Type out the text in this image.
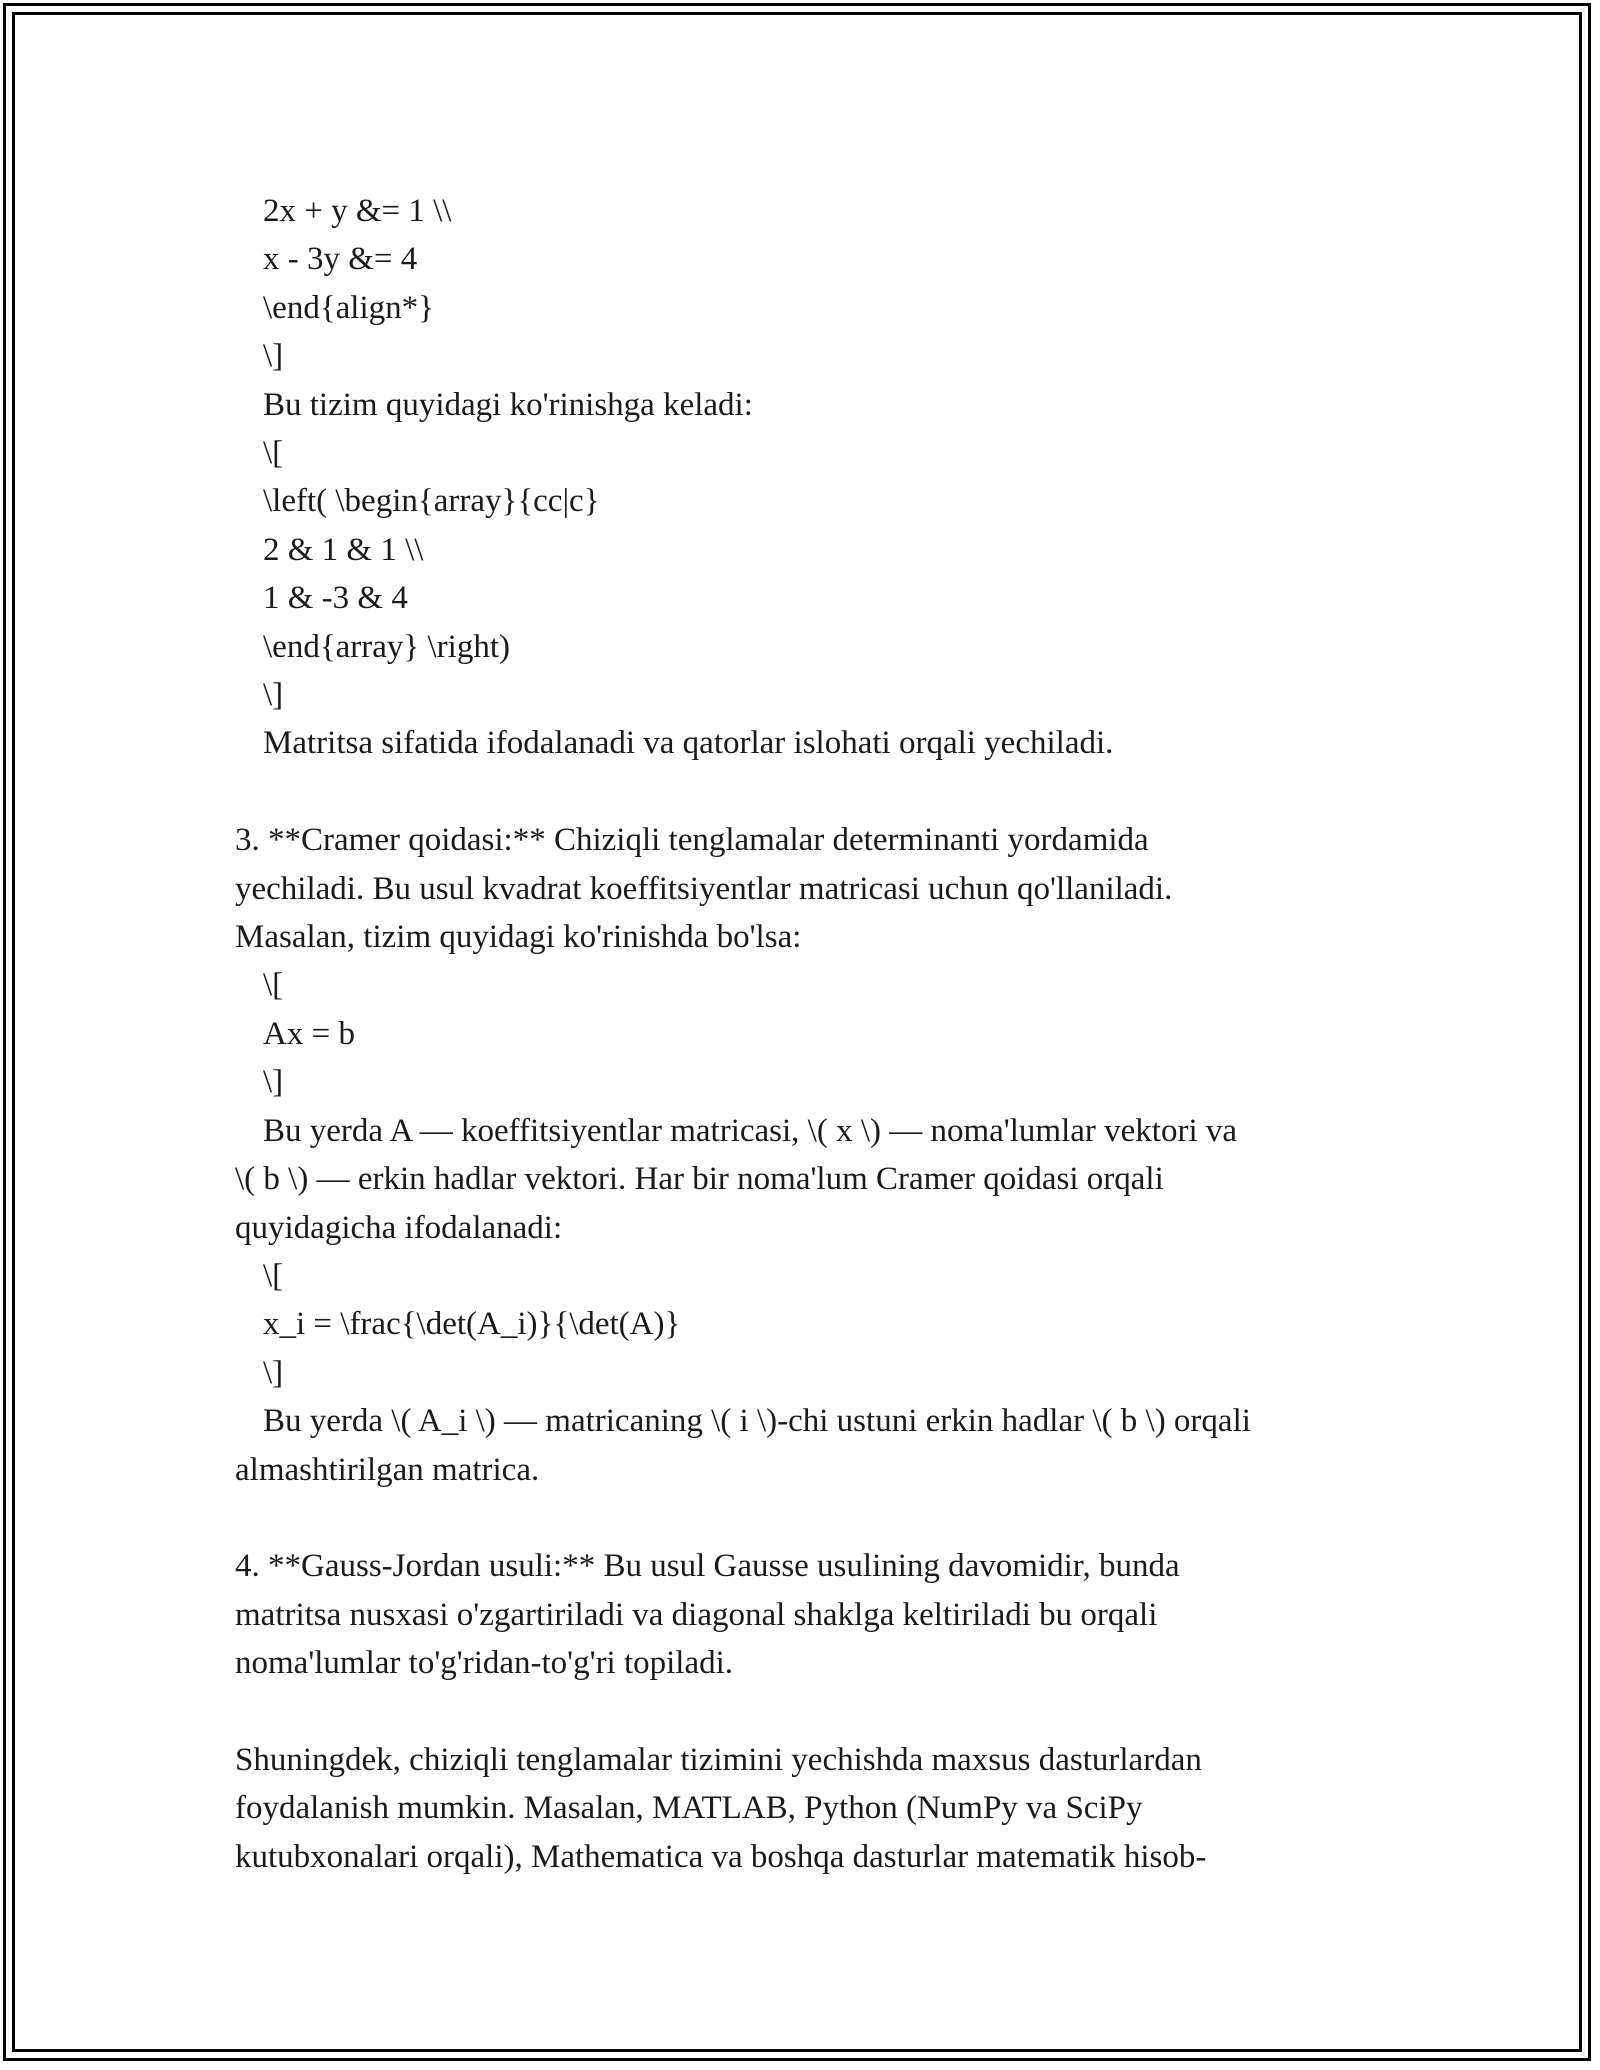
2x + y &= 1 \\
x - 3y &= 4
\end{align*}
\]
Bu tizim quyidagi ko'rinishga keladi:
\[
\left( \begin{array}{cc|c}
2 & 1 & 1 \\
1 & -3 & 4
\end{array} \right)
\]
Matritsa sifatida ifodalanadi va qatorlar islohati orqali yechiladi.
3. **Cramer qoidasi:** Chiziqli tenglamalar determinanti yordamida
yechiladi. Bu usul kvadrat koeffitsiyentlar matricasi uchun qo'llaniladi.
Masalan, tizim quyidagi ko'rinishda bo'lsa:
\[
Ax = b
\]
Bu yerda A — koeffitsiyentlar matricasi, \( x \) — noma'lumlar vektori va
\( b \) — erkin hadlar vektori. Har bir noma'lum Cramer qoidasi orqali
quyidagicha ifodalanadi:
\[
x_i = \frac{\det(A_i)}{\det(A)}
\]
Bu yerda \( A_i \) — matricaning \( i \)-chi ustuni erkin hadlar \( b \) orqali
almashtirilgan matrica.
4. **Gauss-Jordan usuli:** Bu usul Gausse usulining davomidir, bunda
matritsa nusxasi o'zgartiriladi va diagonal shaklga keltiriladi bu orqali
noma'lumlar to'g'ridan-to'g'ri topiladi.
Shuningdek, chiziqli tenglamalar tizimini yechishda maxsus dasturlardan
foydalanish mumkin. Masalan, MATLAB, Python (NumPy va SciPy
kutubxonalari orqali), Mathematica va boshqa dasturlar matematik hisob-
